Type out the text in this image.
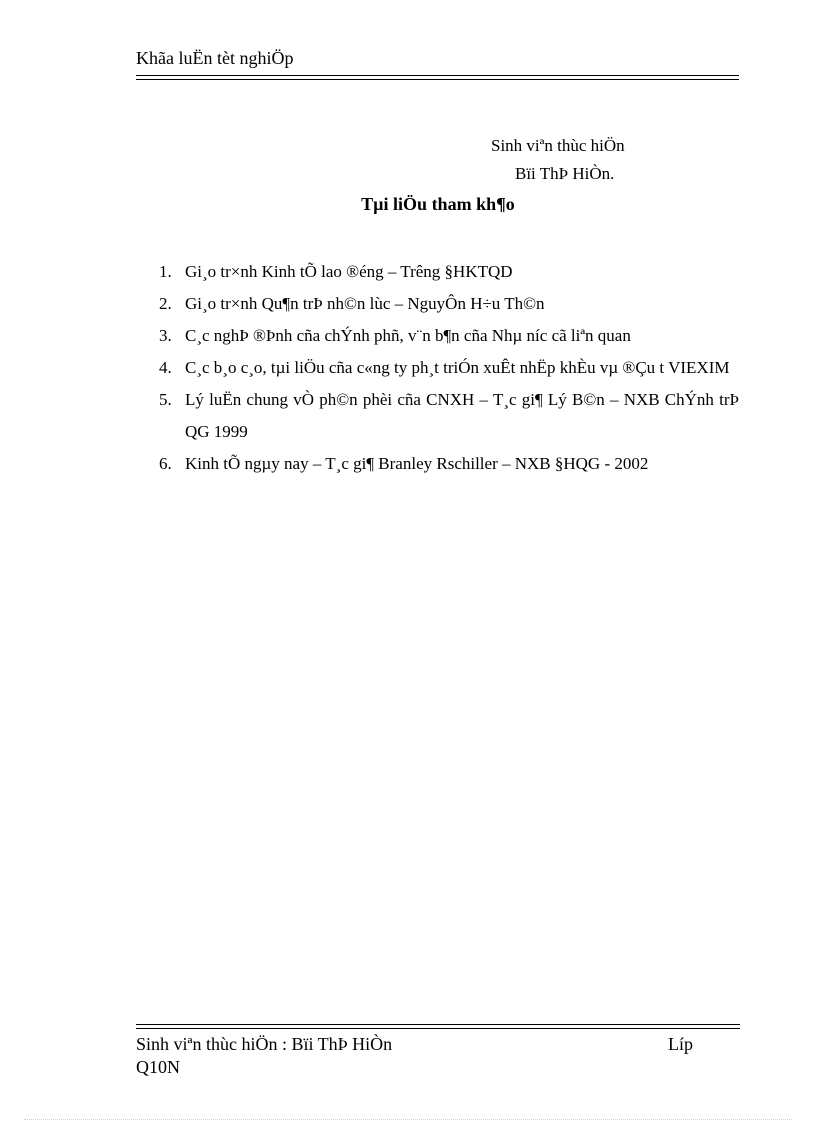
Khãa luËn tèt nghiÖp
Sinh viªn thùc hiÖn
Bïi ThÞ HiÒn.
Tµi liÖu tham kh¶o
1. Gi¸o tr×nh Kinh tÕ lao ®éng – Trêng §HKTQD
2. Gi¸o tr×nh Qu¶n trÞ nh©n lùc – NguyÔn H÷u Th©n
3. C¸c nghÞ ®Þnh cña chÝnh phñ, v¨n b¶n cña Nhµ níc cã liªn quan
4. C¸c b¸o c¸o, tµi liÖu cña c«ng ty ph¸t triÓn xuÊt nhËp khÈu vµ ®Çu t VIEXIM
5. Lý luËn chung vÒ ph©n phèi cña CNXH – T¸c gi¶ Lý B©n – NXB ChÝnh trÞ QG 1999
6. Kinh tÕ ngµy nay – T¸c gi¶ Branley Rschiller – NXB §HQG - 2002
Sinh viªn thùc hiÖn : Bïi ThÞ HiÒn
Q10N
Líp
